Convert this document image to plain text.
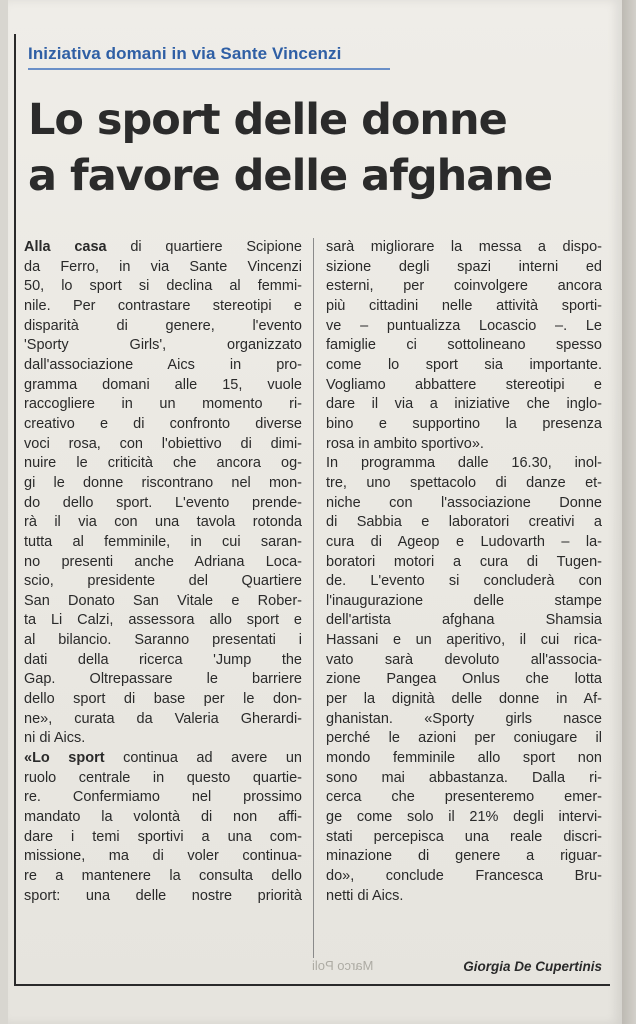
Iniziativa domani in via Sante Vincenzi
Lo sport delle donne
a favore delle afghane
Alla casa di quartiere Scipione
da Ferro, in via Sante Vincenzi
50, lo sport si declina al femmi-
nile. Per contrastare stereotipi e
disparità di genere, l'evento
'Sporty Girls', organizzato
dall'associazione Aics in pro-
gramma domani alle 15, vuole
raccogliere in un momento ri-
creativo e di confronto diverse
voci rosa, con l'obiettivo di dimi-
nuire le criticità che ancora og-
gi le donne riscontrano nel mon-
do dello sport. L'evento prende-
rà il via con una tavola rotonda
tutta al femminile, in cui saran-
no presenti anche Adriana Loca-
scio, presidente del Quartiere
San Donato San Vitale e Rober-
ta Li Calzi, assessora allo sport e
al bilancio. Saranno presentati i
dati della ricerca 'Jump the
Gap. Oltrepassare le barriere
dello sport di base per le don-
ne», curata da Valeria Gherardi-
ni di Aics.
«Lo sport continua ad avere un
ruolo centrale in questo quartie-
re. Confermiamo nel prossimo
mandato la volontà di non affi-
dare i temi sportivi a una com-
missione, ma di voler continua-
re a mantenere la consulta dello
sport: una delle nostre priorità
sarà migliorare la messa a dispo-
sizione degli spazi interni ed
esterni, per coinvolgere ancora
più cittadini nelle attività sporti-
ve – puntualizza Locascio –. Le
famiglie ci sottolineano spesso
come lo sport sia importante.
Vogliamo abbattere stereotipi e
dare il via a iniziative che inglo-
bino e supportino la presenza
rosa in ambito sportivo».
In programma dalle 16.30, inol-
tre, uno spettacolo di danze et-
niche con l'associazione Donne
di Sabbia e laboratori creativi a
cura di Ageop e Ludovarth – la-
boratori motori a cura di Tugen-
de. L'evento si concluderà con
l'inaugurazione delle stampe
dell'artista afghana Shamsia
Hassani e un aperitivo, il cui rica-
vato sarà devoluto all'associa-
zione Pangea Onlus che lotta
per la dignità delle donne in Af-
ghanistan. «Sporty girls nasce
perché le azioni per coniugare il
mondo femminile allo sport non
sono mai abbastanza. Dalla ri-
cerca che presenteremo emer-
ge come solo il 21% degli intervi-
stati percepisca una reale discri-
minazione di genere a riguar-
do», conclude Francesca Bru-
netti di Aics.
Marco Poli	Giorgia De Cupertinis
